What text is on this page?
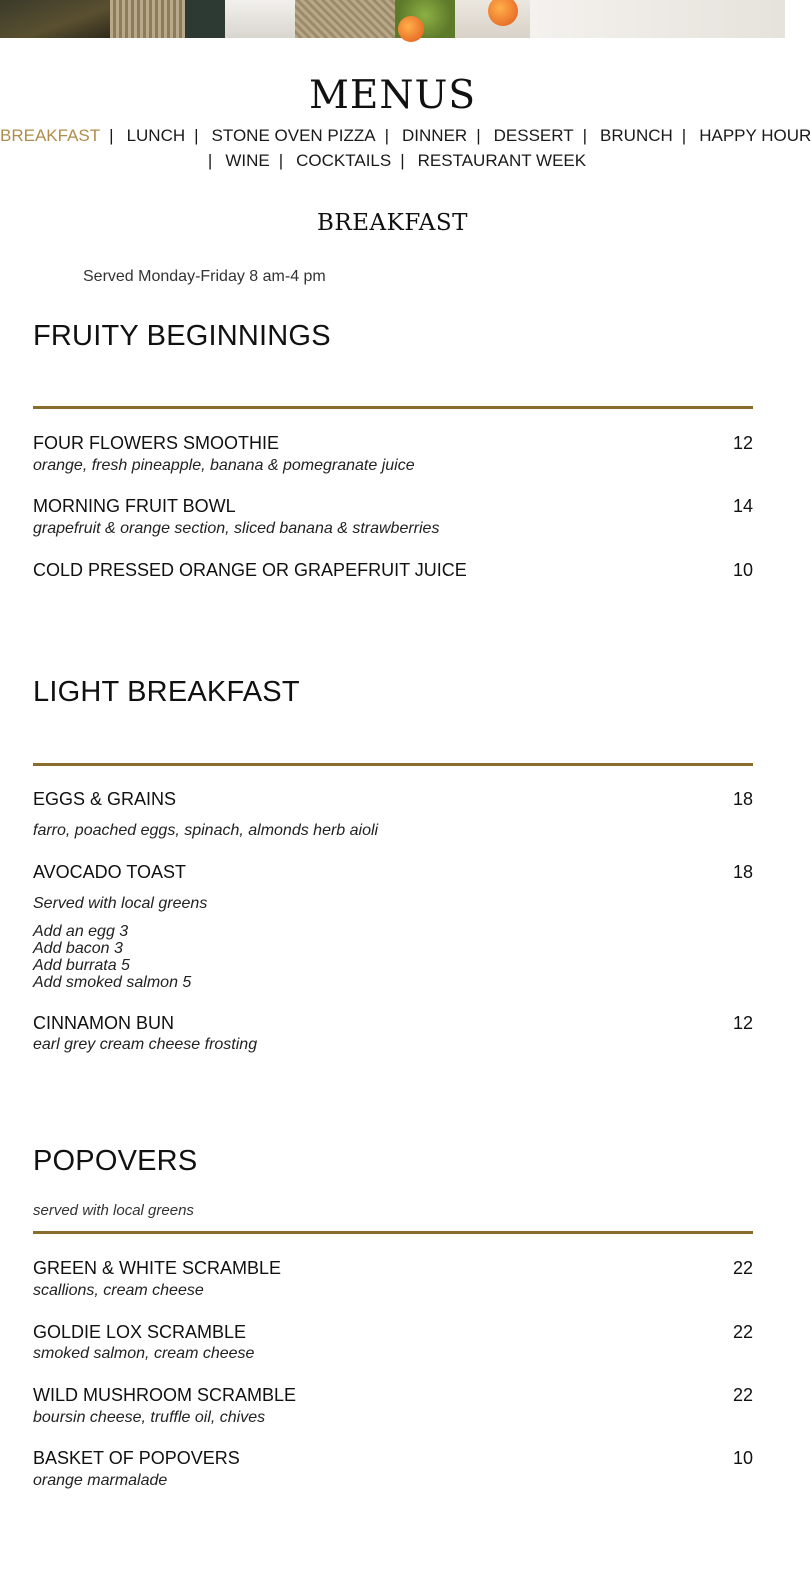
MENUS
BREAKFAST | LUNCH | STONE OVEN PIZZA | DINNER | DESSERT | BRUNCH | HAPPY HOUR
| WINE | COCKTAILS | RESTAURANT WEEK
BREAKFAST
Served Monday-Friday 8 am-4 pm
FRUITY BEGINNINGS
FOUR FLOWERS SMOOTHIE	12
orange, fresh pineapple, banana & pomegranate juice
MORNING FRUIT BOWL	14
grapefruit & orange section, sliced banana & strawberries
COLD PRESSED ORANGE OR GRAPEFRUIT JUICE	10
LIGHT BREAKFAST
EGGS & GRAINS	18
farro, poached eggs, spinach, almonds herb aioli
AVOCADO TOAST	18
Served with local greens
Add an egg 3
Add bacon 3
Add burrata 5
Add smoked salmon 5
CINNAMON BUN	12
earl grey cream cheese frosting
POPOVERS
served with local greens
GREEN & WHITE SCRAMBLE	22
scallions, cream cheese
GOLDIE LOX SCRAMBLE	22
smoked salmon, cream cheese
WILD MUSHROOM SCRAMBLE	22
boursin cheese, truffle oil, chives
BASKET OF POPOVERS	10
orange marmalade
